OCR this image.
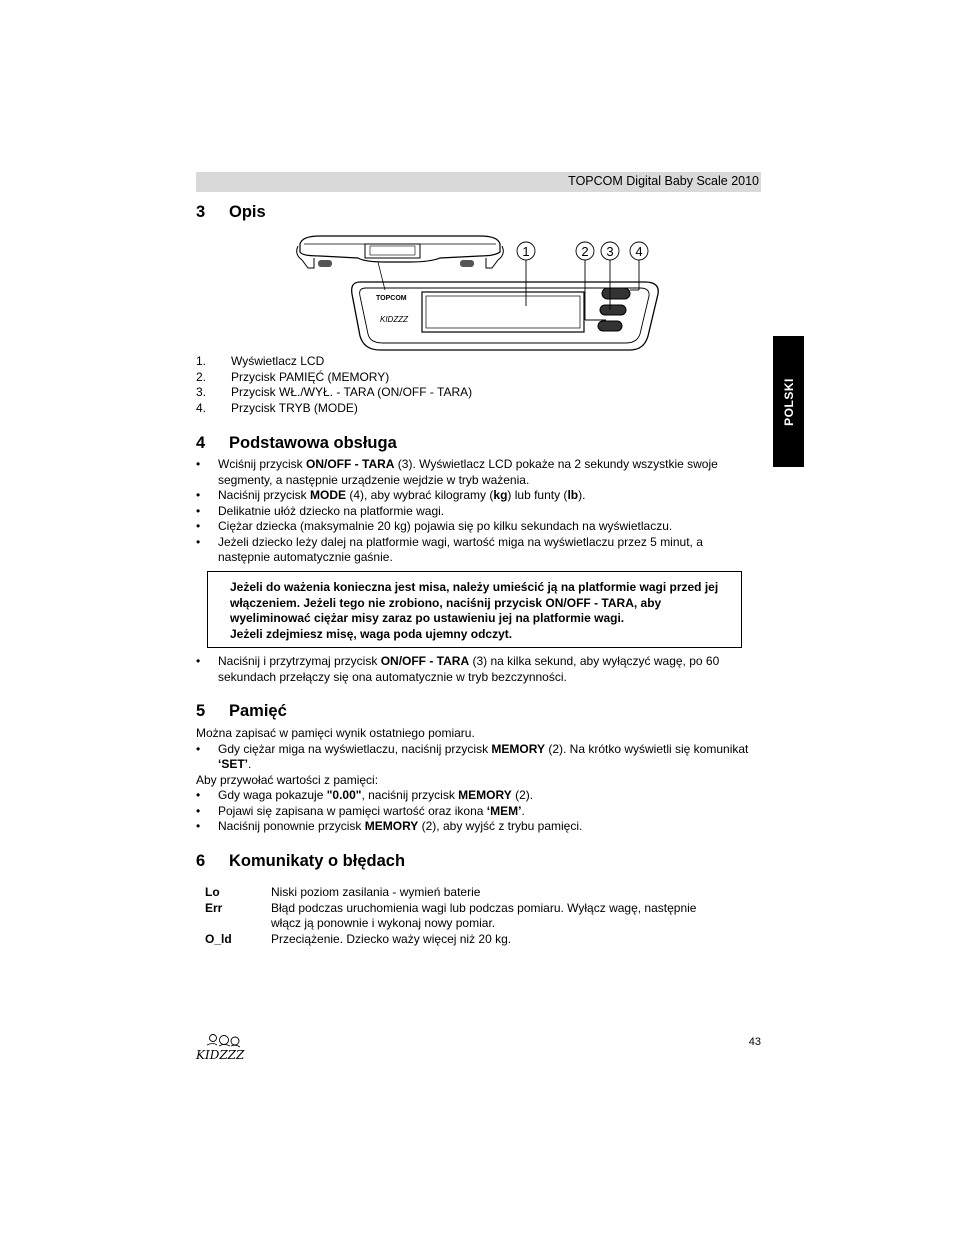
TOPCOM Digital Baby Scale 2010
POLSKI
3 Opis
TOPCOM
KIDZZZ
1	2 3 4
1. Wyświetlacz LCD
2. Przycisk PAMIĘĆ (MEMORY)
3. Przycisk WŁ./WYŁ. - TARA (ON/OFF - TARA)
4. Przycisk TRYB (MODE)
4 Podstawowa obsługa
• Wciśnij przycisk ON/OFF - TARA (3). Wyświetlacz LCD pokaże na 2 sekundy wszystkie swoje segmenty, a następnie urządzenie wejdzie w tryb ważenia.
• Naciśnij przycisk MODE (4), aby wybrać kilogramy (kg) lub funty (lb).
• Delikatnie ułóż dziecko na platformie wagi.
• Ciężar dziecka (maksymalnie 20 kg) pojawia się po kilku sekundach na wyświetlaczu.
• Jeżeli dziecko leży dalej na platformie wagi, wartość miga na wyświetlaczu przez 5 minut, a następnie automatycznie gaśnie.
Jeżeli do ważenia konieczna jest misa, należy umieścić ją na platformie wagi przed jej włączeniem. Jeżeli tego nie zrobiono, naciśnij przycisk ON/OFF - TARA, aby wyeliminować ciężar misy zaraz po ustawieniu jej na platformie wagi.
Jeżeli zdejmiesz misę, waga poda ujemny odczyt.
• Naciśnij i przytrzymaj przycisk ON/OFF - TARA (3) na kilka sekund, aby wyłączyć wagę, po 60 sekundach przełączy się ona automatycznie w tryb bezczynności.
5 Pamięć
Można zapisać w pamięci wynik ostatniego pomiaru.
• Gdy ciężar miga na wyświetlaczu, naciśnij przycisk MEMORY (2). Na krótko wyświetli się komunikat ‘SET’.
Aby przywołać wartości z pamięci:
• Gdy waga pokazuje "0.00", naciśnij przycisk MEMORY (2).
• Pojawi się zapisana w pamięci wartość oraz ikona ‘MEM’.
• Naciśnij ponownie przycisk MEMORY (2), aby wyjść z trybu pamięci.
6 Komunikaty o błędach
Lo	Niski poziom zasilania - wymień baterie
Err	Błąd podczas uruchomienia wagi lub podczas pomiaru. Wyłącz wagę, następnie włącz ją ponownie i wykonaj nowy pomiar.
O_ld	Przeciążenie. Dziecko waży więcej niż 20 kg.
KIDZZZ
43
